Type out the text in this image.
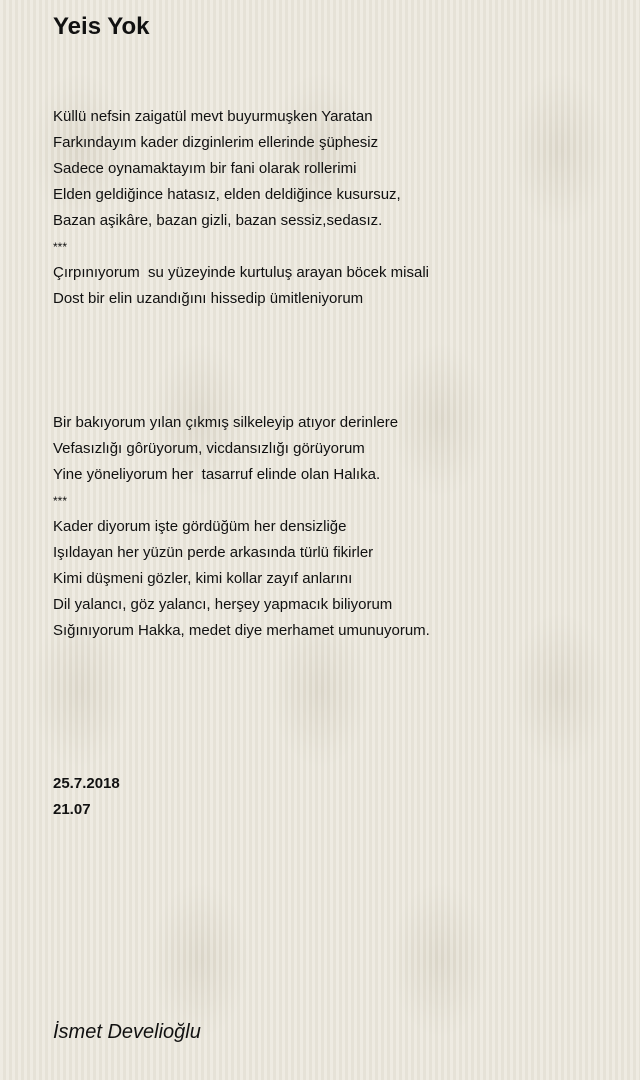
Yeis Yok
Küllü nefsin zaigatül mevt buyurmuşken Yaratan
Farkındayım kader dizginlerim ellerinde şüphesiz
Sadece oynamaktayım bir fani olarak rollerimi
Elden geldiğince hatasız, elden deldiğince kusursuz,
Bazan aşikâre, bazan gizli, bazan sessiz,sedasız.
***
Çırpınıyorum  su yüzeyinde kurtuluş arayan böcek misali
Dost bir elin uzandığını hissedip ümitleniyorum
Bir bakıyorum yılan çıkmış silkeleyip atıyor derinlere
Vefasızlığı gôrüyorum, vicdansızlığı görüyorum
Yine yöneliyorum her  tasarruf elinde olan Halıka.
***
Kader diyorum işte gördüğüm her densizliğe
Işıldayan her yüzün perde arkasında türlü fikirler
Kimi düşmeni gözler, kimi kollar zayıf anlarını
Dil yalancı, göz yalancı, herşey yapmacık biliyorum
Sığınıyorum Hakka, medet diye merhamet umunuyorum.
25.7.2018
21.07
İsmet Develioğlu
